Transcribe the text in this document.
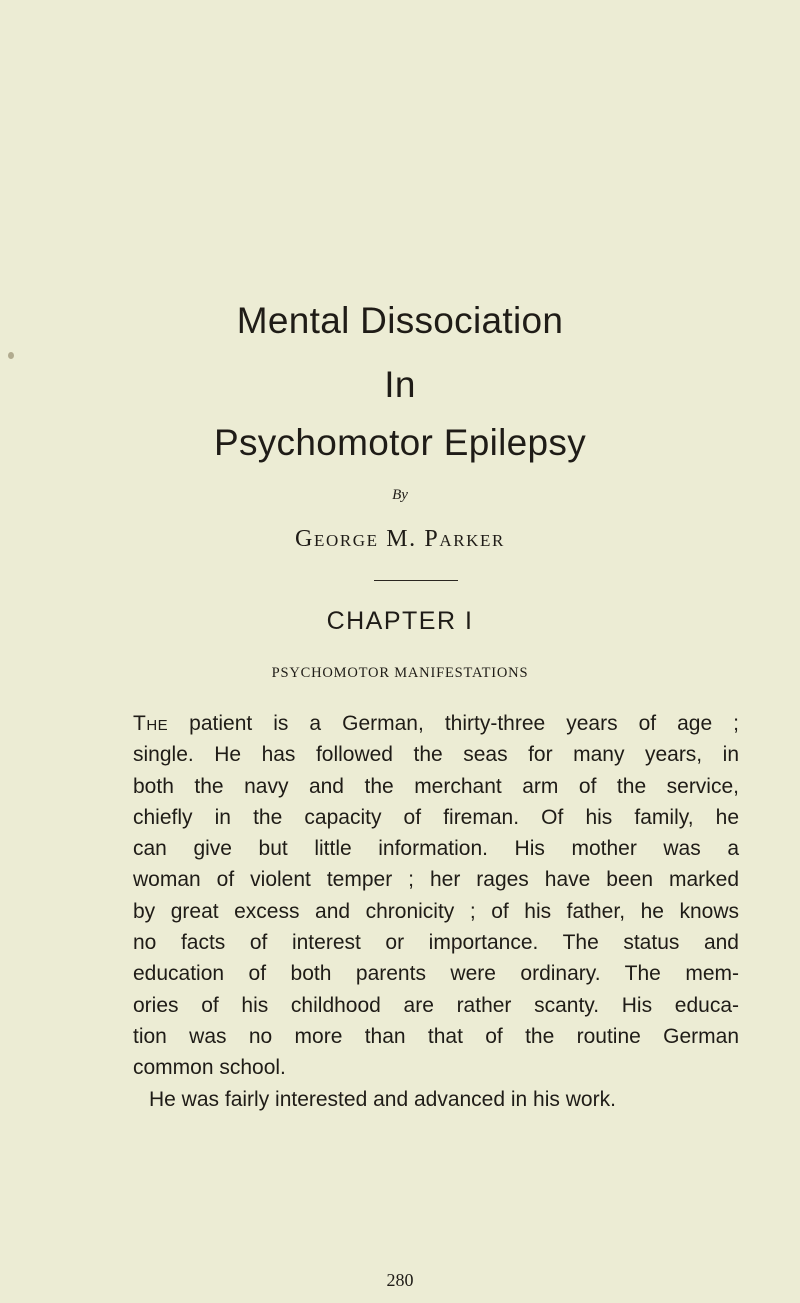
Mental Dissociation
In
Psychomotor Epilepsy
By
George M. Parker
CHAPTER I
PSYCHOMOTOR MANIFESTATIONS
The patient is a German, thirty-three years of age ;
single. He has followed the seas for many years, in
both the navy and the merchant arm of the service,
chiefly in the capacity of fireman. Of his family, he
can give but little information. His mother was a
woman of violent temper ; her rages have been marked
by great excess and chronicity ; of his father, he knows
no facts of interest or importance. The status and
education of both parents were ordinary. The mem-
ories of his childhood are rather scanty. His educa-
tion was no more than that of the routine German
common school.
He was fairly interested and advanced in his work.
280
